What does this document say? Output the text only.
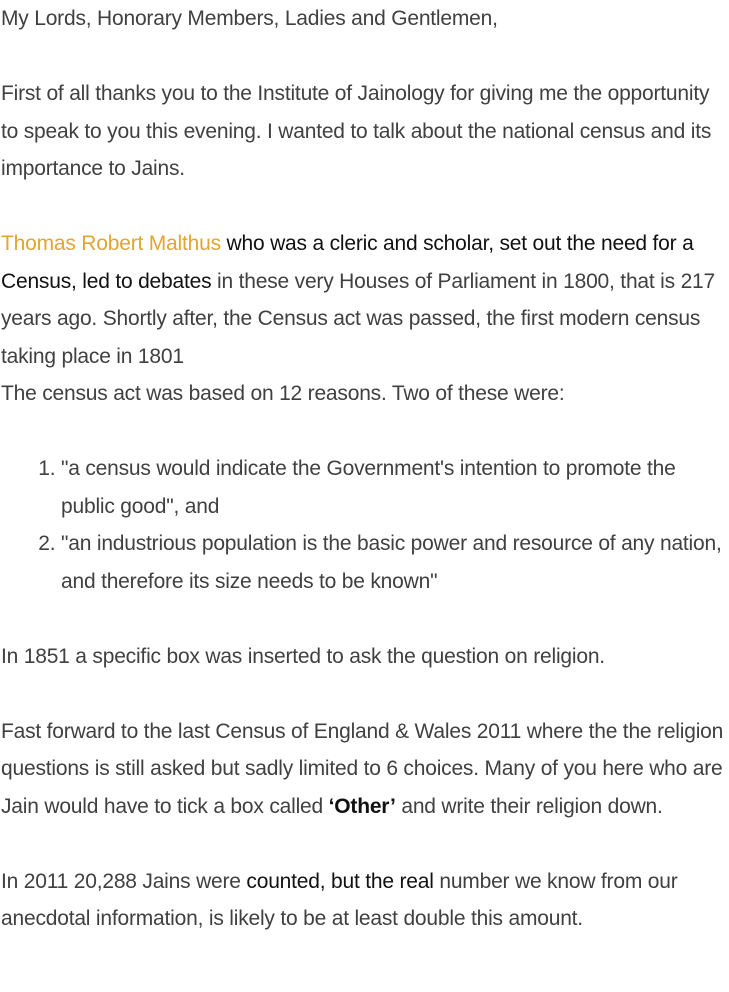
My Lords, Honorary Members, Ladies and Gentlemen,

First of all thanks you to the Institute of Jainology for giving me the opportunity to speak to you this evening. I wanted to talk about the national census and its importance to Jains.

Thomas Robert Malthus who was a cleric and scholar, set out the need for a Census, led to debates in these very Houses of Parliament in 1800, that is 217 years ago. Shortly after, the Census act was passed, the first modern census taking place in 1801

The census act was based on 12 reasons. Two of these were:

1. "a census would indicate the Government's intention to promote the public good", and
2. "an industrious population is the basic power and resource of any nation, and therefore its size needs to be known"

In 1851 a specific box was inserted to ask the question on religion.

Fast forward to the last Census of England & Wales 2011 where the the religion questions is still asked but sadly limited to 6 choices. Many of you here who are Jain would have to tick a box called ‘Other’ and write their religion down.

In 2011 20,288 Jains were counted, but the real number we know from our anecdotal information, is likely to be at least double this amount.
